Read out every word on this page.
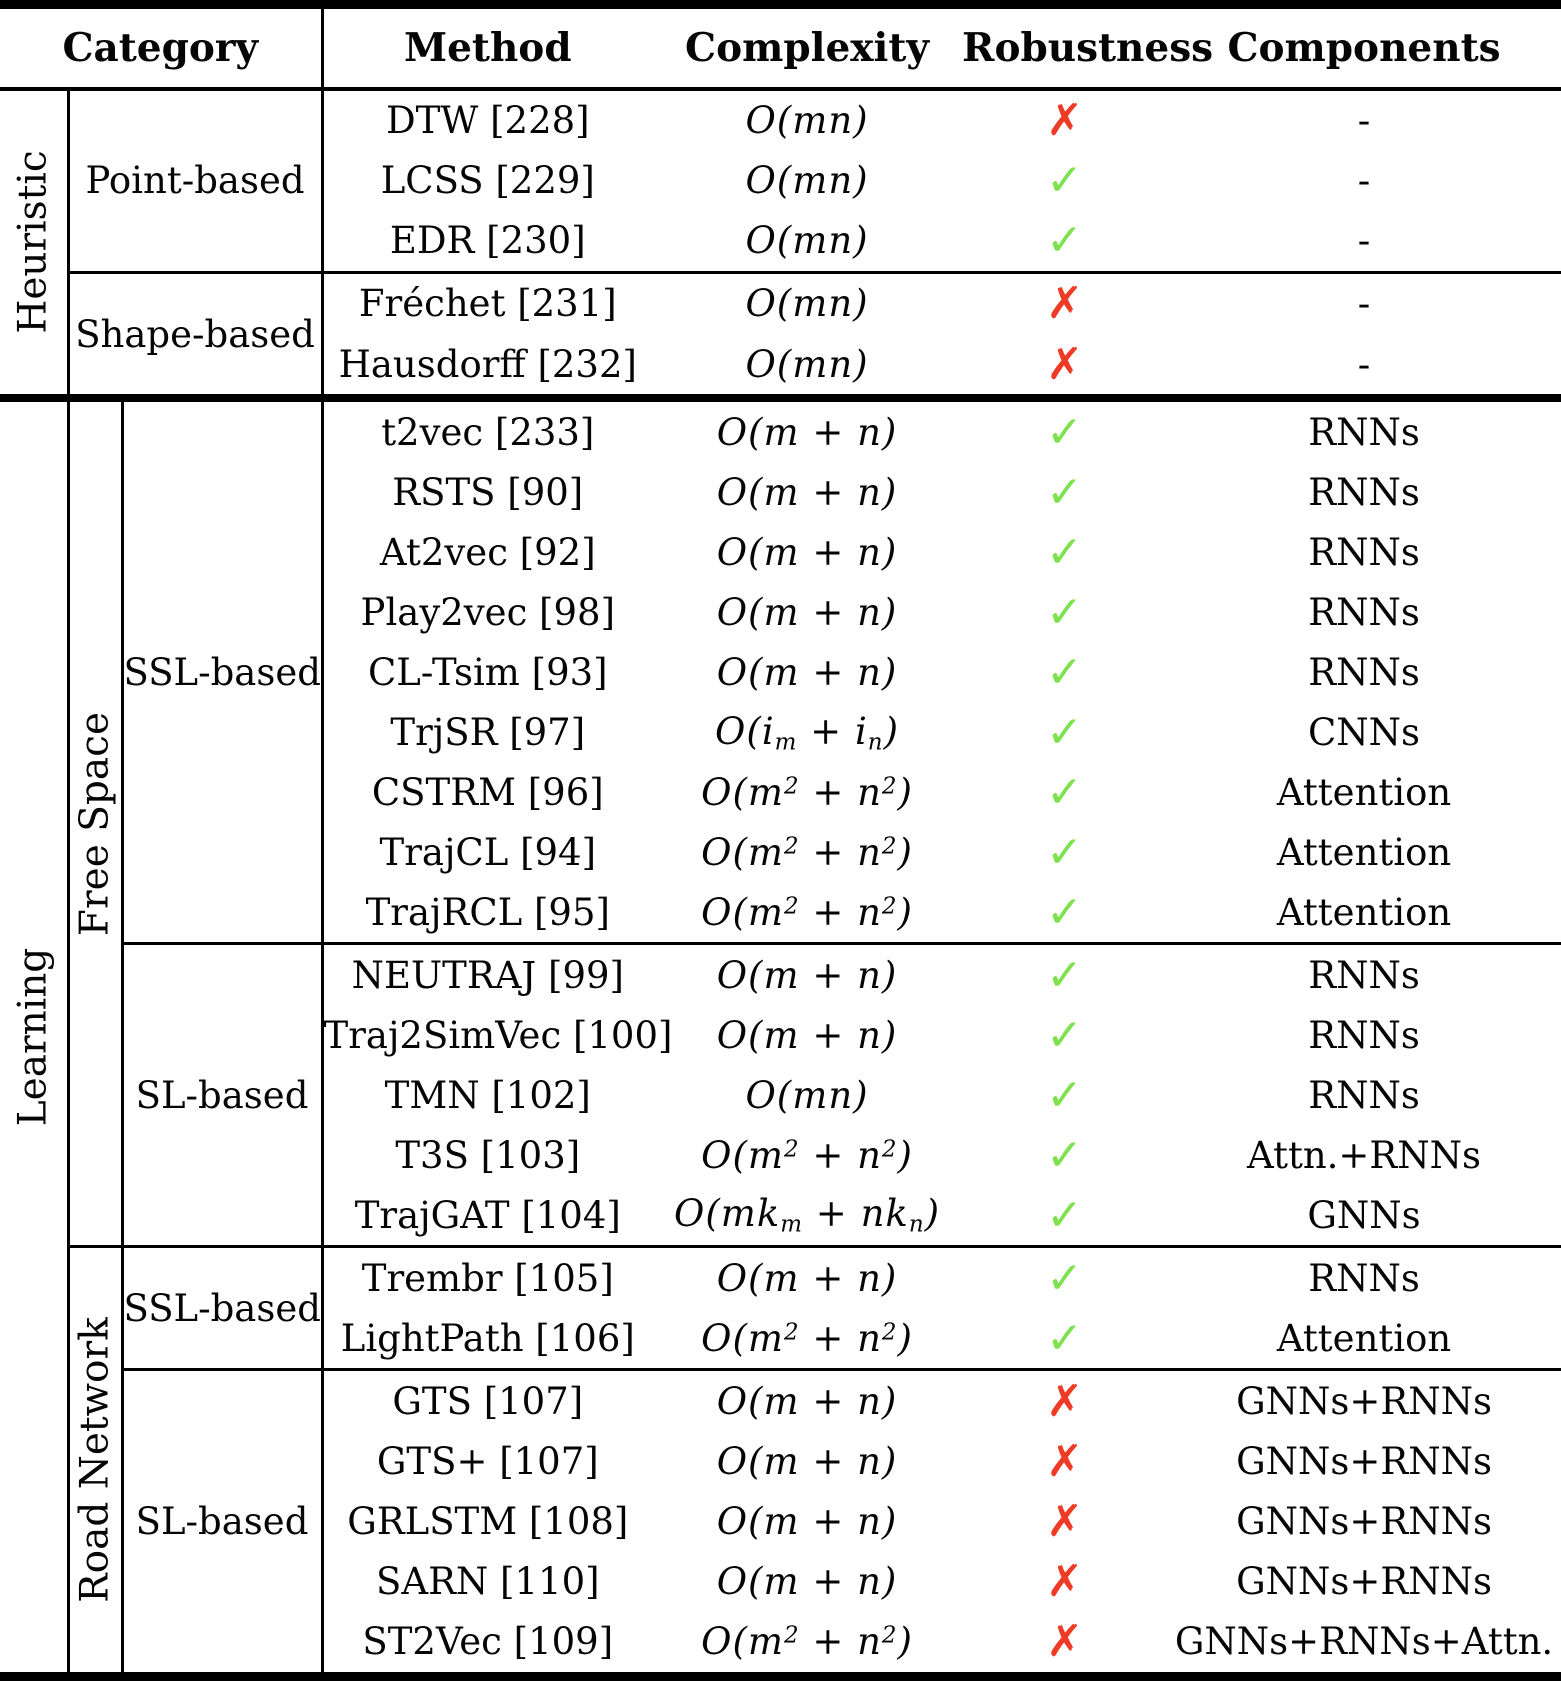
Category			Method	Complexity	Robustness	Components

Heuristic	Point-based		DTW [228]	O(mn)	✗	-
			LCSS [229]	O(mn)	✓	-
			EDR [230]	O(mn)	✓	-
	Shape-based		Fréchet [231]	O(mn)	✗	-
			Hausdorff [232]	O(mn)	✗	-

Learning	Free Space	SSL-based	t2vec [233]	O(m + n)	✓	RNNs
			RSTS [90]	O(m + n)	✓	RNNs
			At2vec [92]	O(m + n)	✓	RNNs
			Play2vec [98]	O(m + n)	✓	RNNs
			CL-Tsim [93]	O(m + n)	✓	RNNs
			TrjSR [97]	$O(i_m + i_n)$	✓	CNNs
			CSTRM [96]	$O(m^2 + n^2)$	✓	Attention
			TrajCL [94]	$O(m^2 + n^2)$	✓	Attention
			TrajRCL [95]	$O(m^2 + n^2)$	✓	Attention
		SL-based	NEUTRAJ [99]	O(m + n)	✓	RNNs
			Traj2SimVec [100]	O(m + n)	✓	RNNs
			TMN [102]	O(mn)	✓	RNNs
			T3S [103]	$O(m^2 + n^2)$	✓	Attn.+RNNs
			TrajGAT [104]	$O(mk_m + nk_n)$	✓	GNNs

	Road Network	SSL-based	Trembr [105]	O(m + n)	✓	RNNs
			LightPath [106]	$O(m^2 + n^2)$	✓	Attention
		SL-based	GTS [107]	O(m + n)	✗	GNNs+RNNs
			GTS+ [107]	O(m + n)	✗	GNNs+RNNs
			GRLSTM [108]	O(m + n)	✗	GNNs+RNNs
			SARN [110]	O(m + n)	✗	GNNs+RNNs
			ST2Vec [109]	$O(m^2 + n^2)$	✗	GNNs+RNNs+Attn.
